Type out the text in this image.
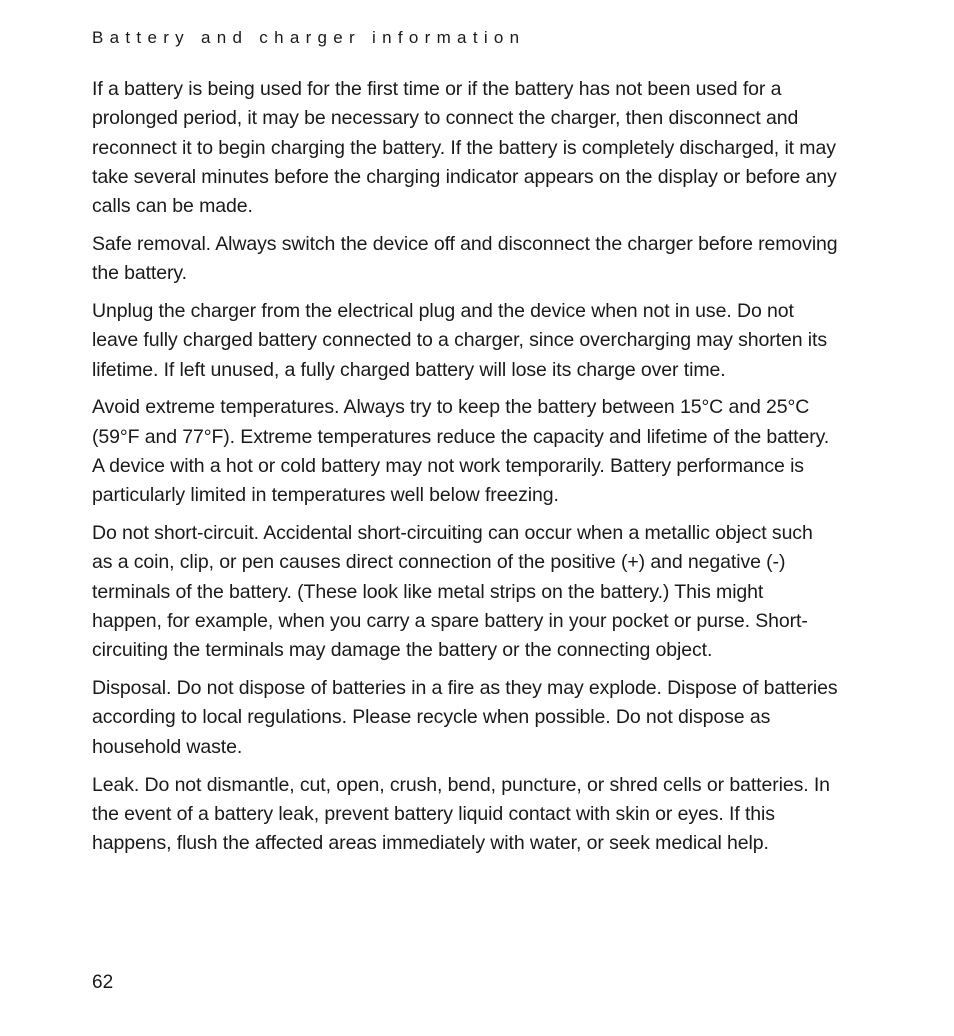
Battery and charger information

If a battery is being used for the first time or if the battery has not been used for a prolonged period, it may be necessary to connect the charger, then disconnect and reconnect it to begin charging the battery. If the battery is completely discharged, it may take several minutes before the charging indicator appears on the display or before any calls can be made.

Safe removal. Always switch the device off and disconnect the charger before removing the battery.

Unplug the charger from the electrical plug and the device when not in use. Do not leave fully charged battery connected to a charger, since overcharging may shorten its lifetime. If left unused, a fully charged battery will lose its charge over time.

Avoid extreme temperatures. Always try to keep the battery between 15°C and 25°C (59°F and 77°F). Extreme temperatures reduce the capacity and lifetime of the battery. A device with a hot or cold battery may not work temporarily. Battery performance is particularly limited in temperatures well below freezing.

Do not short-circuit. Accidental short-circuiting can occur when a metallic object such as a coin, clip, or pen causes direct connection of the positive (+) and negative (-) terminals of the battery. (These look like metal strips on the battery.) This might happen, for example, when you carry a spare battery in your pocket or purse. Short-circuiting the terminals may damage the battery or the connecting object.

Disposal. Do not dispose of batteries in a fire as they may explode. Dispose of batteries according to local regulations. Please recycle when possible. Do not dispose as household waste.

Leak. Do not dismantle, cut, open, crush, bend, puncture, or shred cells or batteries. In the event of a battery leak, prevent battery liquid contact with skin or eyes. If this happens, flush the affected areas immediately with water, or seek medical help.

62
